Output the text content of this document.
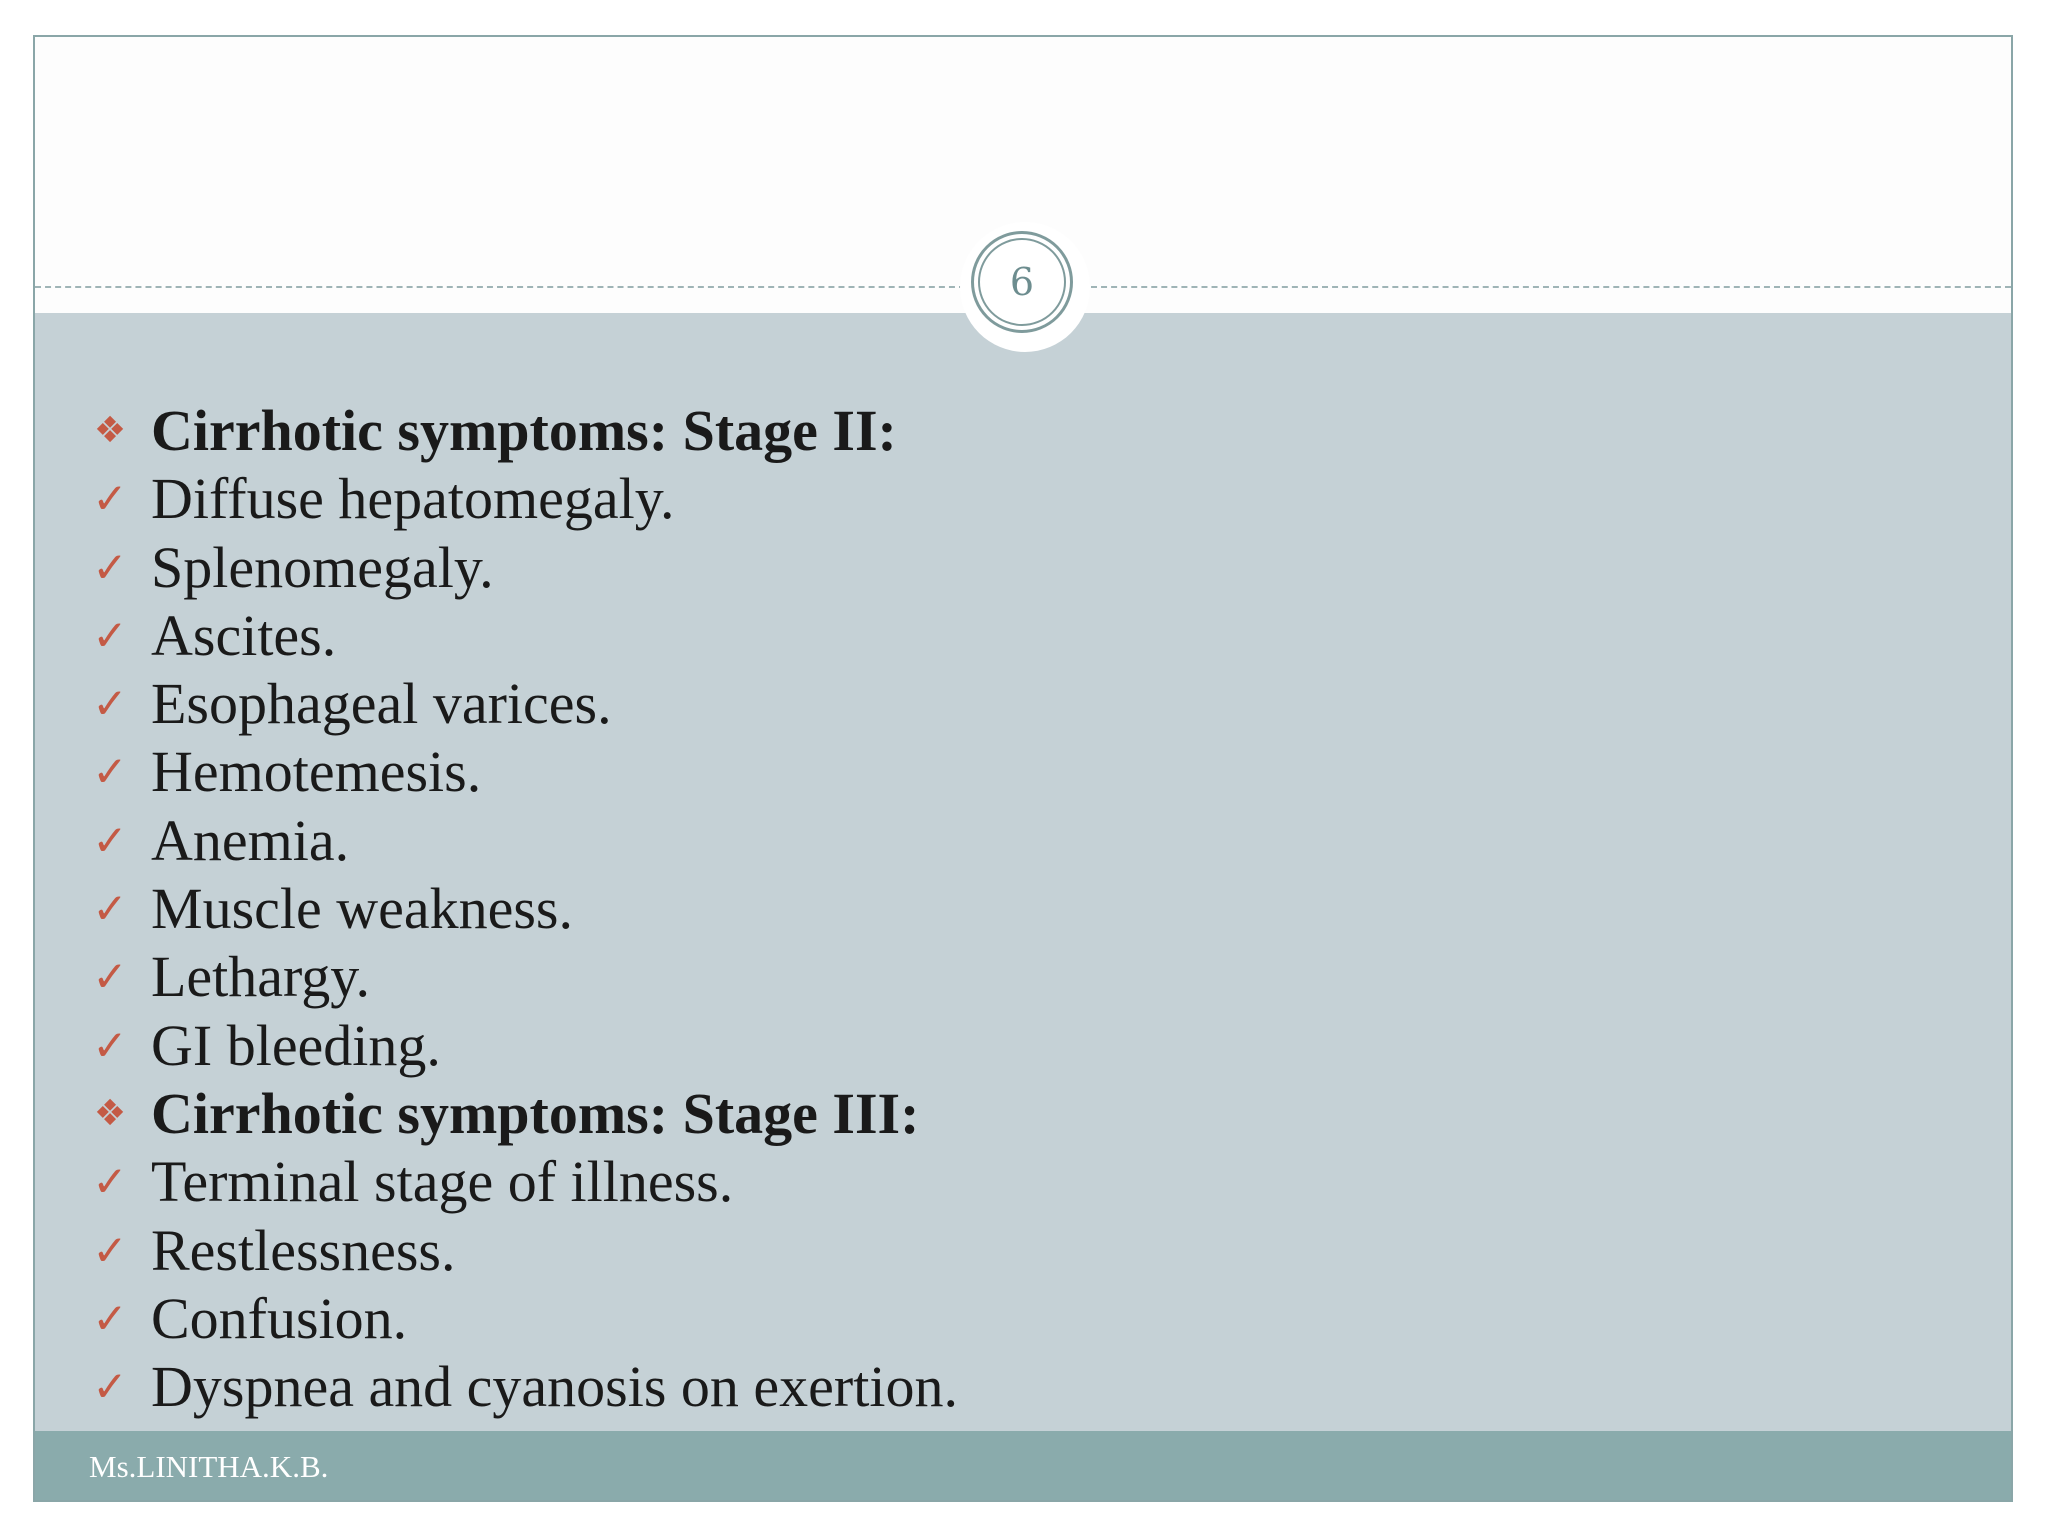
6
❖ Cirrhotic symptoms: Stage II:
✓ Diffuse hepatomegaly.
✓ Splenomegaly.
✓ Ascites.
✓ Esophageal varices.
✓ Hemotemesis.
✓ Anemia.
✓ Muscle weakness.
✓ Lethargy.
✓ GI bleeding.
❖ Cirrhotic symptoms: Stage III:
✓ Terminal stage of illness.
✓ Restlessness.
✓ Confusion.
✓ Dyspnea and cyanosis on exertion.
Ms.LINITHA.K.B.
